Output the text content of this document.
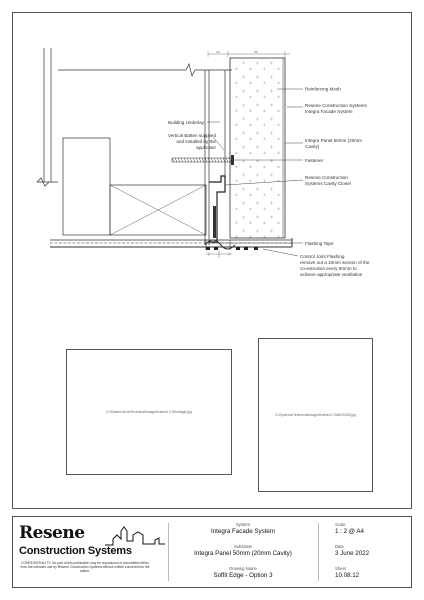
20	50
Reinforcing Mesh
Resene Construction Systems
Integra Facade System
Building Underlay
Vertical Batten supplied
and installed by the
applicator
Integra Panel 50mm (20mm
Cavity)
Fastener
Resene Construction
Systems Cavity Closer
Flashing Tape
Control Joint Flashing
remove out a 10mm section of the
co-extrusion every 80mm to
achieve appropriate ventilation
C:\Shared drive\Technical\Image\Drained CJ\frontage.jpg
C:\Systems\Technical\Image\Drained CJ\IMG0026.jpg
Resene
Construction Systems
CONFIDENTIALITY: No part of this publication may be reproduced or transmitted either from the intended use by Resene Construction Systems without written consent from the author.
System
Integra Facade System
Substrate
Integra Panel 50mm (20mm Cavity)
Drawing Name
Soffit Edge - Option 3
Scale
1 : 2 @ A4
Date
3 June 2022
Sheet
10.08.12
